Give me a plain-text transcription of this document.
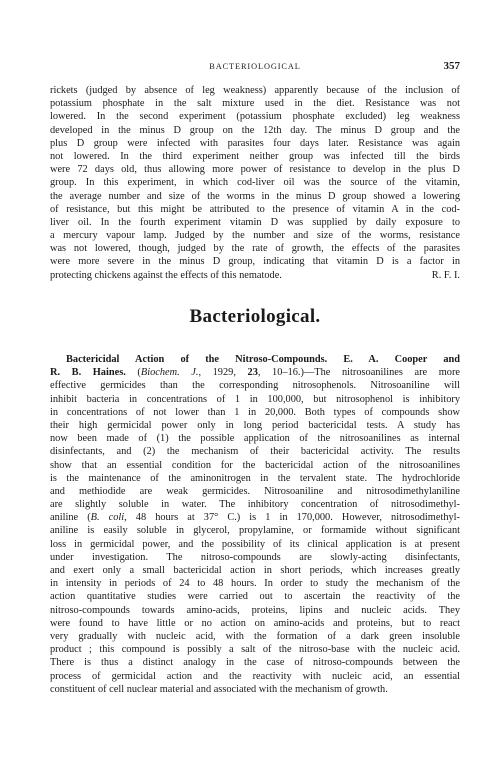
BACTERIOLOGICAL	357
rickets (judged by absence of leg weakness) apparently because of the inclusion of
potassium phosphate in the salt mixture used in the diet. Resistance was not
lowered. In the second experiment (potassium phosphate excluded) leg weakness
developed in the minus D group on the 12th day. The minus D group and the
plus D group were infected with parasites four days later. Resistance was again
not lowered. In the third experiment neither group was infected till the birds
were 72 days old, thus allowing more power of resistance to develop in the plus D
group. In this experiment, in which cod-liver oil was the source of the vitamin,
the average number and size of the worms in the minus D group showed a lowering
of resistance, but this might be attributed to the presence of vitamin A in the cod-
liver oil. In the fourth experiment vitamin D was supplied by daily exposure to
a mercury vapour lamp. Judged by the number and size of the worms, resistance
was not lowered, though, judged by the rate of growth, the effects of the parasites
were more severe in the minus D group, indicating that vitamin D is a factor in
protecting chickens against the effects of this nematode.	R. F. I.
Bacteriological.
Bactericidal Action of the Nitroso-Compounds. E. A. Cooper and
R. B. Haines. (Biochem. J., 1929, 23, 10–16.)—The nitrosoanilines are more
effective germicides than the corresponding nitrosophenols. Nitrosoaniline will
inhibit bacteria in concentrations of 1 in 100,000, but nitrosophenol is inhibitory
in concentrations of not lower than 1 in 20,000. Both types of compounds show
their high germicidal power only in long period bactericidal tests. A study has
now been made of (1) the possible application of the nitrosoanilines as internal
disinfectants, and (2) the mechanism of their bactericidal activity. The results
show that an essential condition for the bactericidal action of the nitrosoanilines
is the maintenance of the aminonitrogen in the tervalent state. The hydrochloride
and methiodide are weak germicides. Nitrosoaniline and nitrosodimethylaniline
are slightly soluble in water. The inhibitory concentration of nitrosodimethyl-
aniline (B. coli, 48 hours at 37° C.) is 1 in 170,000. However, nitrosodimethyl-
aniline is easily soluble in glycerol, propylamine, or formamide without significant
loss in germicidal power, and the possibility of its clinical application is at present
under investigation. The nitroso-compounds are slowly-acting disinfectants,
and exert only a small bactericidal action in short periods, which increases greatly
in intensity in periods of 24 to 48 hours. In order to study the mechanism of the
action quantitative studies were carried out to ascertain the reactivity of the
nitroso-compounds towards amino-acids, proteins, lipins and nucleic acids. They
were found to have little or no action on amino-acids and proteins, but to react
very gradually with nucleic acid, with the formation of a dark green insoluble
product ; this compound is possibly a salt of the nitroso-base with the nucleic acid.
There is thus a distinct analogy in the case of nitroso-compounds between the
process of germicidal action and the reactivity with nucleic acid, an essential
constituent of cell nuclear material and associated with the mechanism of growth.
